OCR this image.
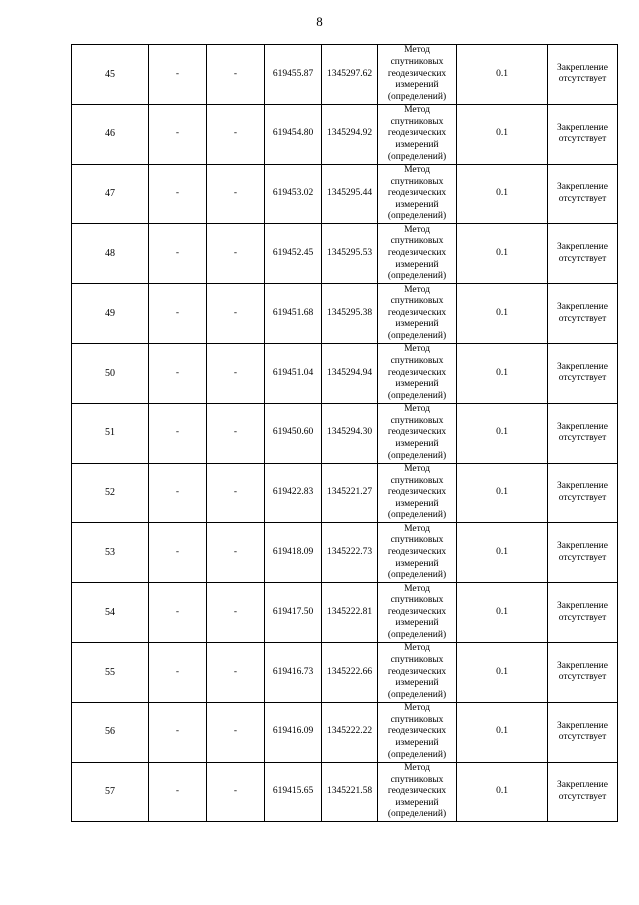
8
45	-	-	619455.87	1345297.62	Метод
спутниковых
геодезических
измерений
(определений)	0.1	Закрепление
отсутствует

46	-	-	619454.80	1345294.92	Метод
спутниковых
геодезических
измерений
(определений)	0.1	Закрепление
отсутствует

47	-	-	619453.02	1345295.44	Метод
спутниковых
геодезических
измерений
(определений)	0.1	Закрепление
отсутствует

48	-	-	619452.45	1345295.53	Метод
спутниковых
геодезических
измерений
(определений)	0.1	Закрепление
отсутствует

49	-	-	619451.68	1345295.38	Метод
спутниковых
геодезических
измерений
(определений)	0.1	Закрепление
отсутствует

50	-	-	619451.04	1345294.94	Метод
спутниковых
геодезических
измерений
(определений)	0.1	Закрепление
отсутствует

51	-	-	619450.60	1345294.30	Метод
спутниковых
геодезических
измерений
(определений)	0.1	Закрепление
отсутствует

52	-	-	619422.83	1345221.27	Метод
спутниковых
геодезических
измерений
(определений)	0.1	Закрепление
отсутствует

53	-	-	619418.09	1345222.73	Метод
спутниковых
геодезических
измерений
(определений)	0.1	Закрепление
отсутствует

54	-	-	619417.50	1345222.81	Метод
спутниковых
геодезических
измерений
(определений)	0.1	Закрепление
отсутствует

55	-	-	619416.73	1345222.66	Метод
спутниковых
геодезических
измерений
(определений)	0.1	Закрепление
отсутствует

56	-	-	619416.09	1345222.22	Метод
спутниковых
геодезических
измерений
(определений)	0.1	Закрепление
отсутствует

57	-	-	619415.65	1345221.58	Метод
спутниковых
геодезических
измерений
(определений)	0.1	Закрепление
отсутствует
